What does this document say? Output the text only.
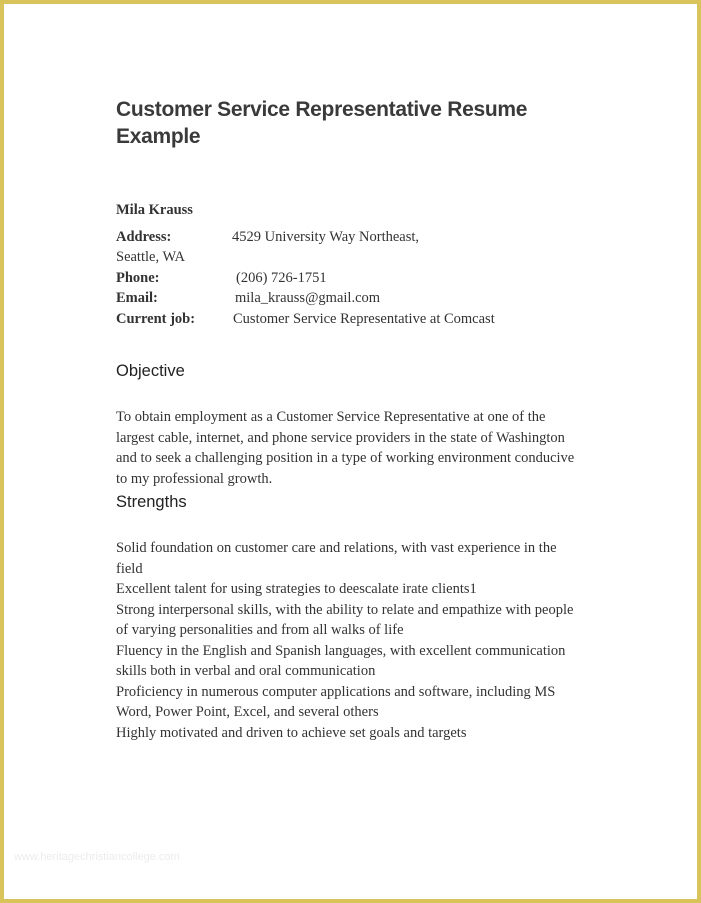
Customer Service Representative Resume Example
Mila Krauss
Address:	4529 University Way Northeast,
Seattle, WA
Phone:	(206) 726-1751
Email:	mila_krauss@gmail.com
Current job:	Customer Service Representative at Comcast
Objective
To obtain employment as a Customer Service Representative at one of the largest cable, internet, and phone service providers in the state of Washington and to seek a challenging position in a type of working environment conducive to my professional growth.
Strengths
Solid foundation on customer care and relations, with vast experience in the field
Excellent talent for using strategies to deescalate irate clients1
Strong interpersonal skills, with the ability to relate and empathize with people of varying personalities and from all walks of life
Fluency in the English and Spanish languages, with excellent communication skills both in verbal and oral communication
Proficiency in numerous computer applications and software, including MS Word, Power Point, Excel, and several others
Highly motivated and driven to achieve set goals and targets
www.heritagechristiancollege.com
